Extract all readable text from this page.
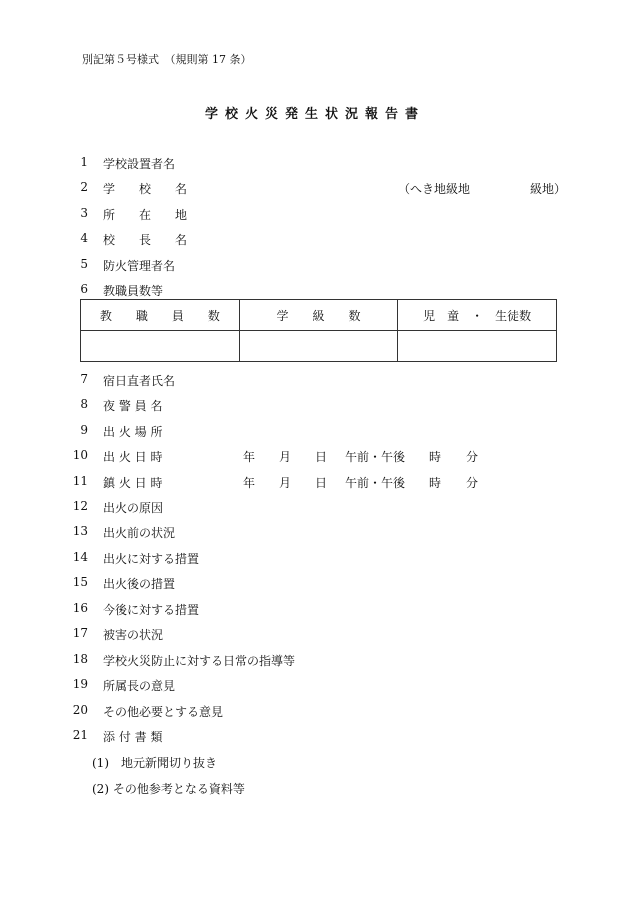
別記第５号様式　（規則第 17 条）
学校火災発生状況報告書
1 学校設置者名
2 学　　校　　名	（へき地級地　　　　　級地）
3 所　　在　　地
4 校　　長　　名
5 防火管理者名
6 教職員数等
教　　職　　員　　数	学　　級　　数	児　童　・　生徒数

7 宿日直者氏名
8 夜 警 員 名
9 出 火 場 所
10 出 火 日 時	年 月 日 午前・午後 時 分
11 鎮 火 日 時	年 月 日 午前・午後 時 分
12 出火の原因
13 出火前の状況
14 出火に対する措置
15 出火後の措置
16 今後に対する措置
17 被害の状況
18 学校火災防止に対する日常の指導等
19 所属長の意見
20 その他必要とする意見
21 添 付 書 類
(1)　地元新聞切り抜き
(2) その他参考となる資料等
